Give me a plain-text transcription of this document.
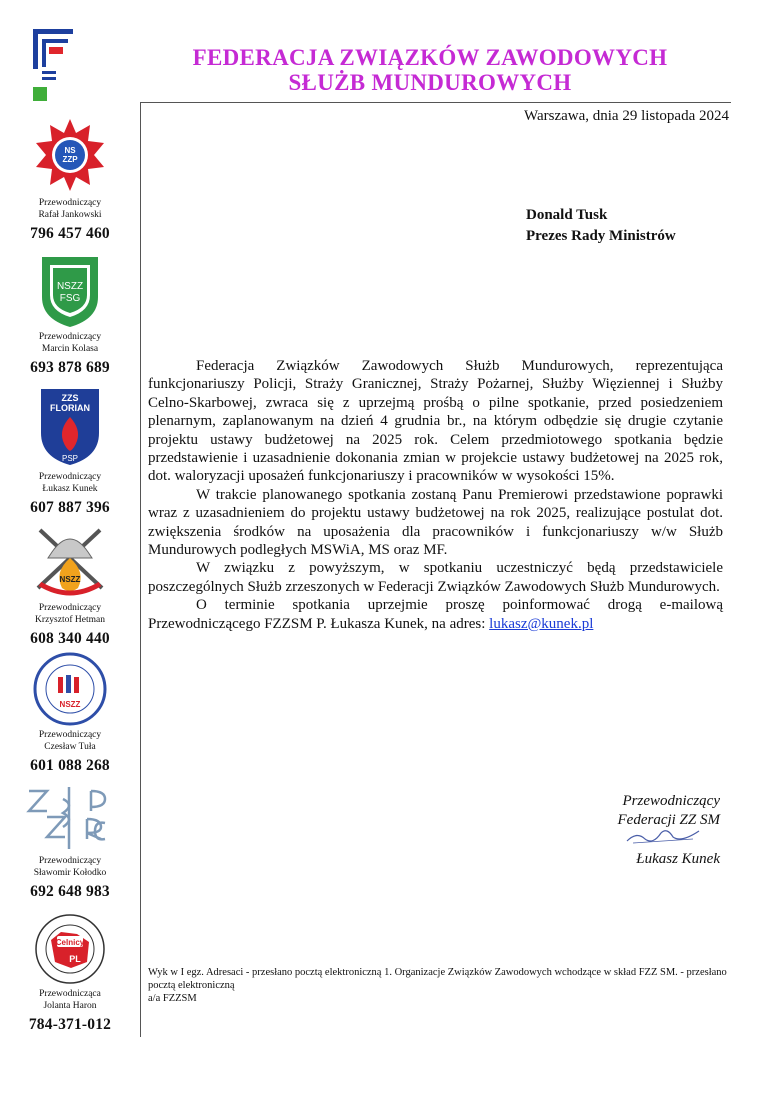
FEDERACJA ZWIĄZKÓW ZAWODOWYCH
SŁUŻB MUNDUROWYCH
NS
ZZP
Przewodniczący
Rafał Jankowski
796 457 460
NSZZ
FSG
Przewodniczący
Marcin Kolasa
693 878 689
ZZS
FLORIAN
PSP
Przewodniczący
Łukasz Kunek
607 887 396
NSZZ
Przewodniczący
Krzysztof Hetman
608 340 440
NSZZ
Przewodniczący
Czesław Tuła
601 088 268
Przewodniczący
Sławomir Kołodko
692 648 983
Celnicy
PL
Przewodnicząca
Jolanta Haron
784-371-012
Warszawa, dnia 29 listopada 2024
Donald Tusk
Prezes Rady Ministrów

Federacja Związków Zawodowych Służb Mundurowych, reprezentująca funkcjonariuszy Policji, Straży Granicznej, Straży Pożarnej, Służby Więziennej i Służby Celno-Skarbowej, zwraca się z uprzejmą prośbą o pilne spotkanie, przed posiedzeniem plenarnym, zaplanowanym na dzień 4 grudnia br., na którym odbędzie się drugie czytanie projektu ustawy budżetowej na 2025 rok. Celem przedmiotowego spotkania będzie przedstawienie i uzasadnienie dokonania zmian w projekcie ustawy budżetowej na 2025 rok, dot. waloryzacji uposażeń funkcjonariuszy i pracowników w wysokości 15%.

W trakcie planowanego spotkania zostaną Panu Premierowi przedstawione poprawki wraz z uzasadnieniem do projektu ustawy budżetowej na rok 2025, realizujące postulat dot. zwiększenia środków na uposażenia dla pracowników i funkcjonariuszy w/w Służb Mundurowych podległych MSWiA, MS oraz MF.

W związku z powyższym, w spotkaniu uczestniczyć będą przedstawiciele poszczególnych Służb zrzeszonych w Federacji Związków Zawodowych Służb Mundurowych.

O terminie spotkania uprzejmie proszę poinformować drogą e-mailową Przewodniczącego FZZSM P. Łukasza Kunek, na adres: lukasz@kunek.pl

Przewodniczący
Federacji ZZ SM
Łukasz Kunek
Wyk w I egz. Adresaci - przesłano pocztą elektroniczną 1. Organizacje Związków Zawodowych wchodzące w skład FZZ SM. - przesłano pocztą elektroniczną
a/a FZZSM
